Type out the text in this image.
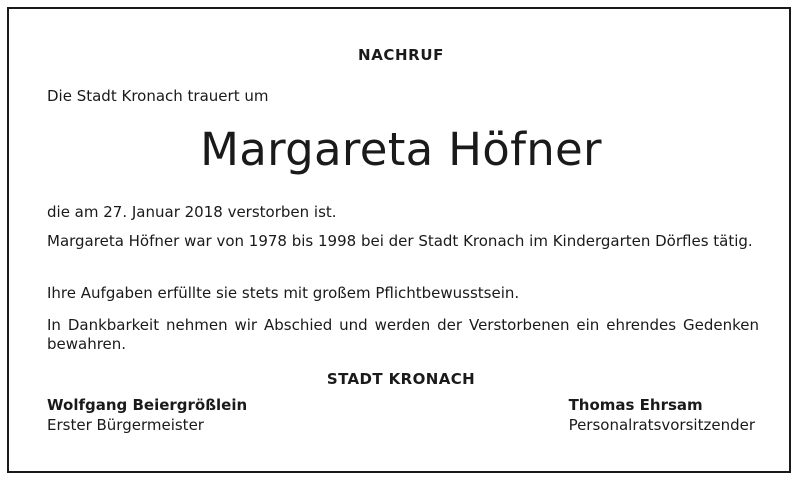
NACHRUF
Die Stadt Kronach trauert um
Margareta Höfner
die am 27. Januar 2018 verstorben ist.
Margareta Höfner war von 1978 bis 1998 bei der Stadt Kronach im Kindergarten Dörfles tätig.
Ihre Aufgaben erfüllte sie stets mit großem Pflichtbewusstsein.
In Dankbarkeit nehmen wir Abschied und werden der Verstorbenen ein ehrendes Gedenken bewahren.
STADT KRONACH
Wolfgang Beiergrößlein
Erster Bürgermeister
Thomas Ehrsam
Personalratsvorsitzender
